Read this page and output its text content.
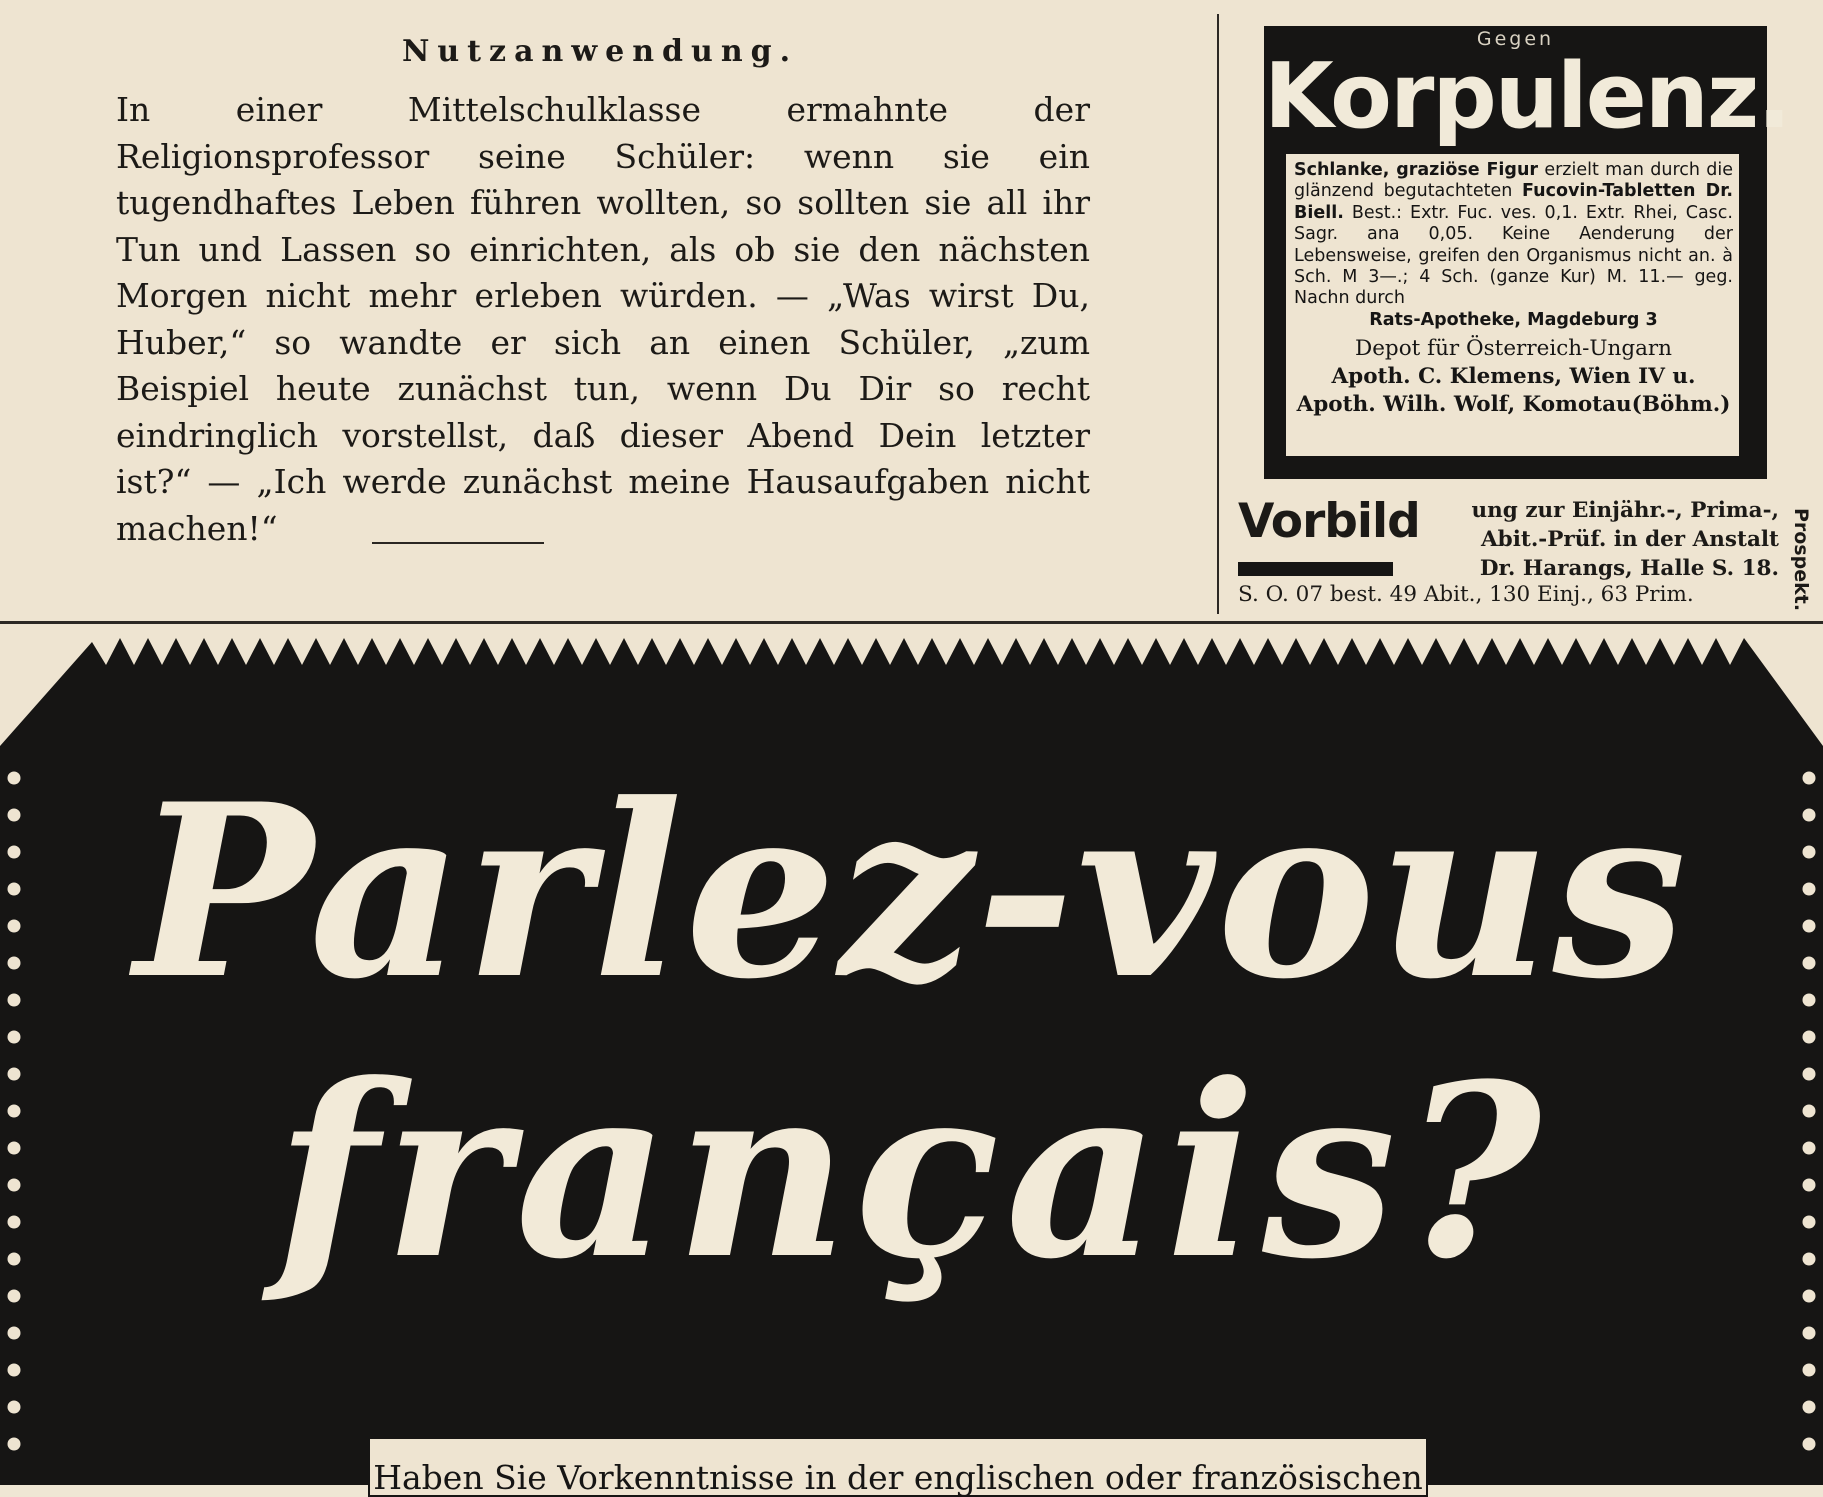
Nutzanwendung.

In einer Mittelschulklasse ermahnte der Religionsprofessor seine Schüler: wenn sie ein tugendhaftes Leben führen wollten, so sollten sie all ihr Tun und Lassen so einrichten, als ob sie den nächsten Morgen nicht mehr erleben würden. — „Was wirst Du, Huber,“ so wandte er sich an einen Schüler, „zum Beispiel heute zunächst tun, wenn Du Dir so recht eindringlich vorstellst, daß dieser Abend Dein letzter ist?“ — „Ich werde zunächst meine Hausaufgaben nicht machen!“

Gegen
Korpulenz.

Schlanke, graziöse Figur erzielt man durch die glänzend begutachteten Fucovin-Tabletten Dr. Biell. Best.: Extr. Fuc. ves. 0,1. Extr. Rhei, Casc. Sagr. ana 0,05. Keine Aenderung der Lebensweise, greifen den Organismus nicht an. à Sch. M 3—.; 4 Sch. (ganze Kur) M. 11.— geg. Nachn durch

Rats-Apotheke, Magdeburg 3

Depot für Österreich-Ungarn
Apoth. C. Klemens, Wien IV u.
Apoth. Wilh. Wolf, Komotau(Böhm.)
Vorbild	ung zur Einjähr.-, Prima-,
Abit.-Prüf. in der Anstalt
Dr. Harangs, Halle S. 18.
S. O. 07 best. 49 Abit., 130 Einj., 63 Prim.	Prospekt.
Parlez-vous
français?
Haben Sie Vorkenntnisse in der englischen oder französischen
